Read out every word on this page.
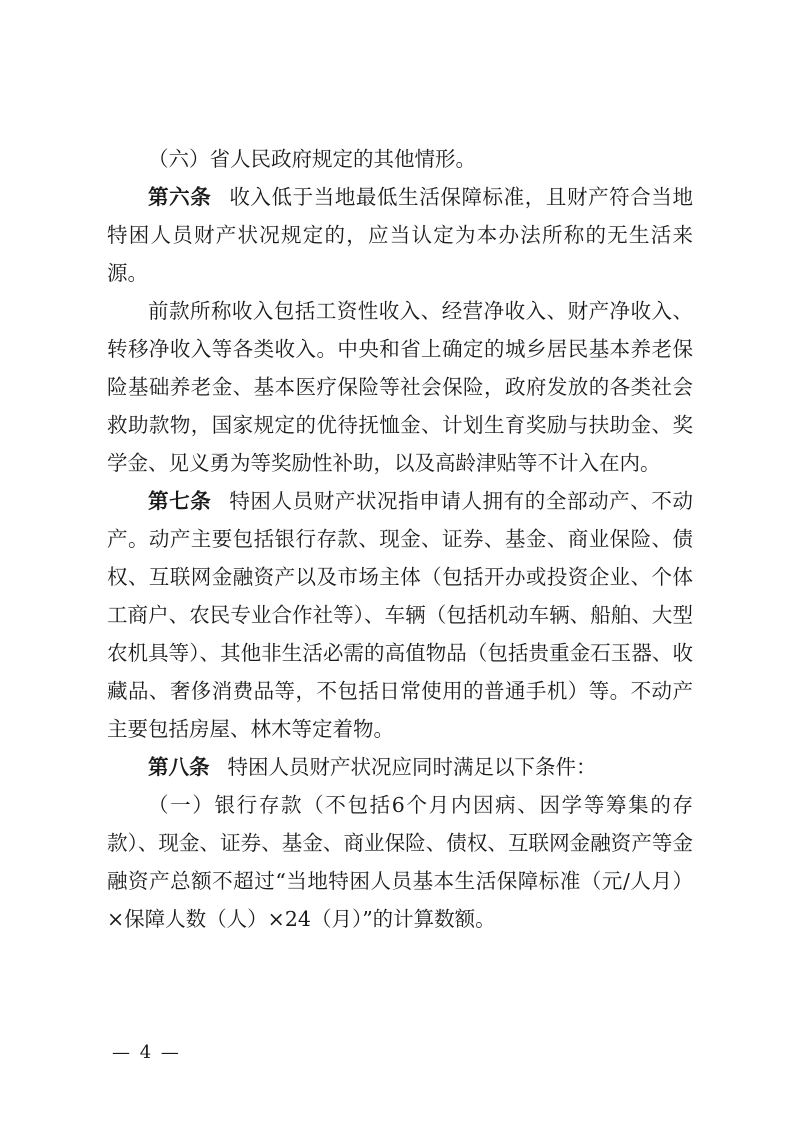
（六）省人民政府规定的其他情形。

第六条 收入低于当地最低生活保障标准，且财产符合当地特困人员财产状况规定的，应当认定为本办法所称的无生活来源。

前款所称收入包括工资性收入、经营净收入、财产净收入、转移净收入等各类收入。中央和省上确定的城乡居民基本养老保险基础养老金、基本医疗保险等社会保险，政府发放的各类社会救助款物，国家规定的优待抚恤金、计划生育奖励与扶助金、奖学金、见义勇为等奖励性补助，以及高龄津贴等不计入在内。

第七条 特困人员财产状况指申请人拥有的全部动产、不动产。动产主要包括银行存款、现金、证券、基金、商业保险、债权、互联网金融资产以及市场主体（包括开办或投资企业、个体工商户、农民专业合作社等）、车辆（包括机动车辆、船舶、大型农机具等）、其他非生活必需的高值物品（包括贵重金石玉器、收藏品、奢侈消费品等，不包括日常使用的普通手机）等。不动产主要包括房屋、林木等定着物。

第八条 特困人员财产状况应同时满足以下条件：

（一）银行存款（不包括6个月内因病、因学等筹集的存款）、现金、证券、基金、商业保险、债权、互联网金融资产等金融资产总额不超过“当地特困人员基本生活保障标准（元/人月）×保障人数（人）×24（月）”的计算数额。

— 4 —
